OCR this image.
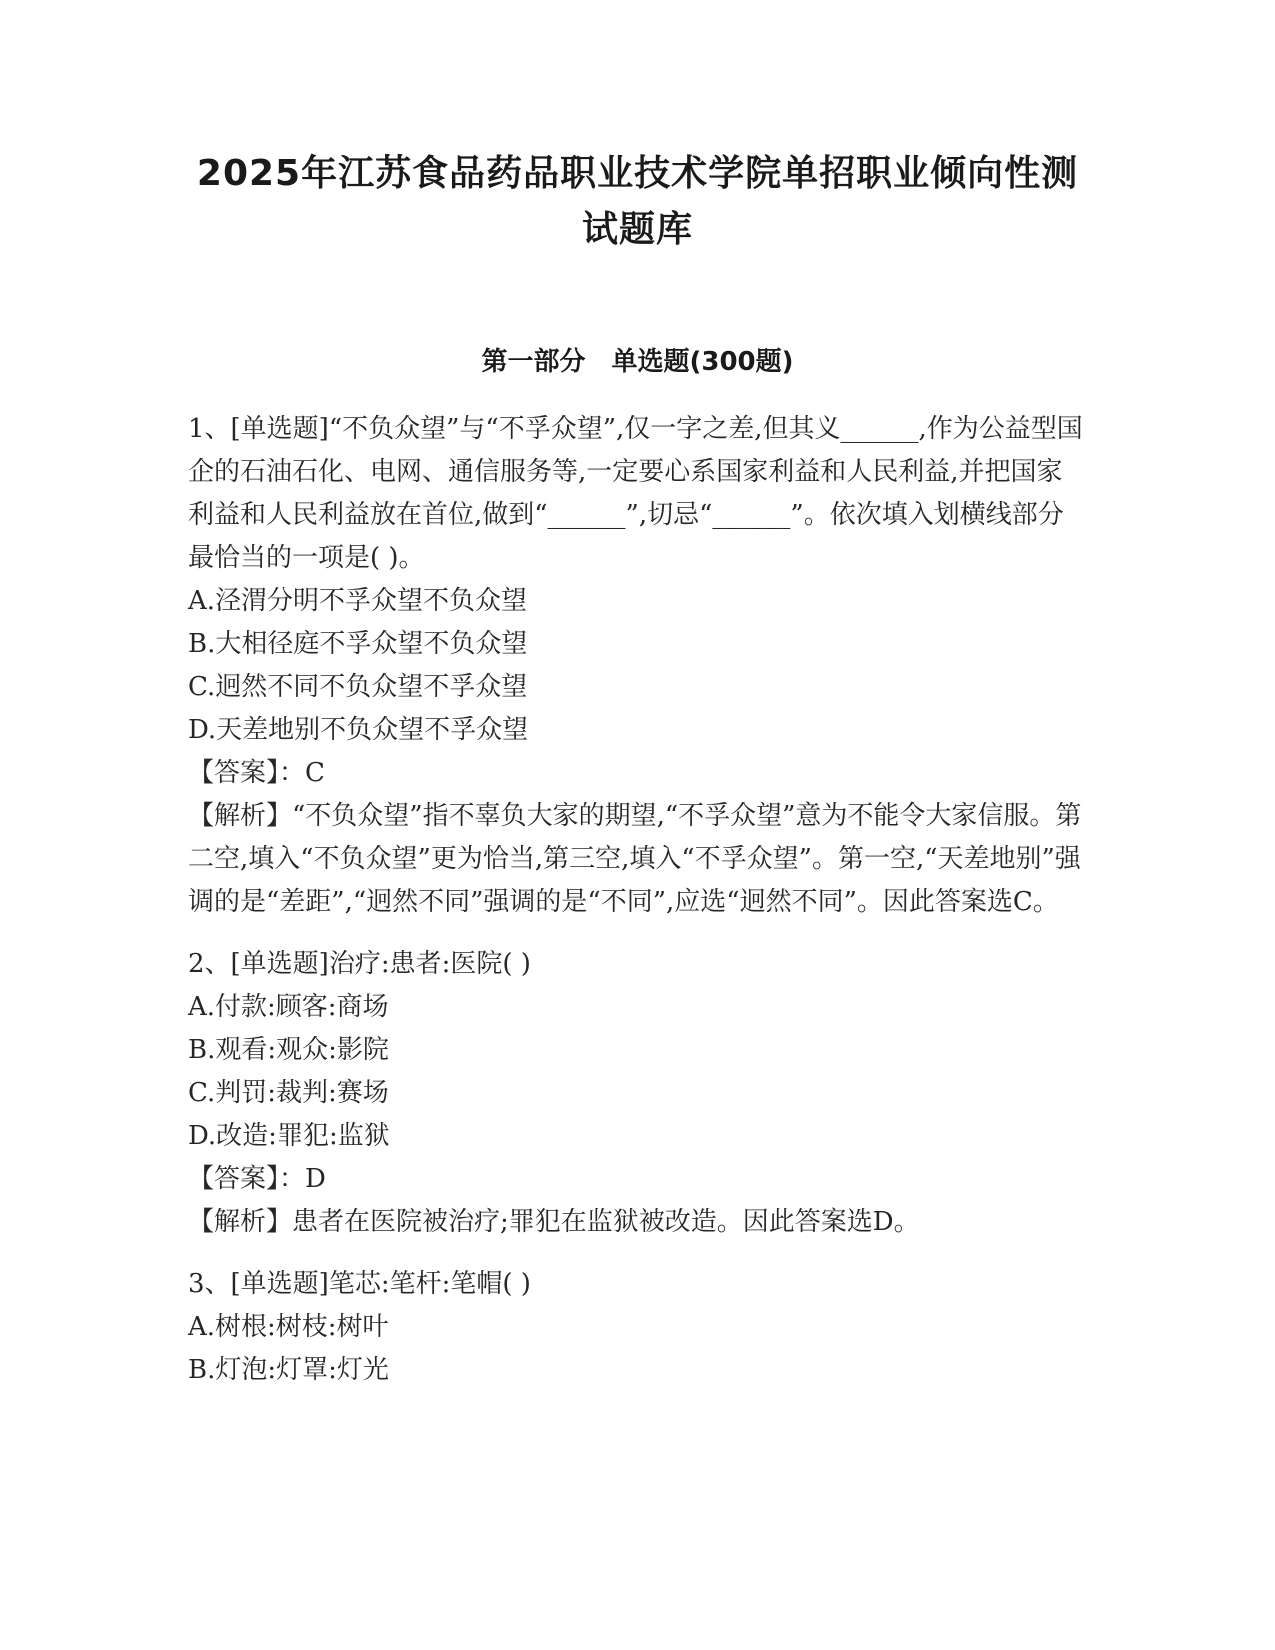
2025年江苏食品药品职业技术学院单招职业倾向性测
试题库
第一部分　单选题(300题)

1、[单选题]“不负众望”与“不孚众望”,仅一字之差,但其义______,作为公益型国企的石油石化、电网、通信服务等,一定要心系国家利益和人民利益,并把国家利益和人民利益放在首位,做到“______”,切忌“______”。依次填入划横线部分最恰当的一项是( )。

A.泾渭分明不孚众望不负众望

B.大相径庭不孚众望不负众望

C.迥然不同不负众望不孚众望

D.天差地别不负众望不孚众望

【答案】：C

【解析】“不负众望”指不辜负大家的期望,“不孚众望”意为不能令大家信服。第二空,填入“不负众望”更为恰当,第三空,填入“不孚众望”。第一空,“天差地别”强调的是“差距”,“迥然不同”强调的是“不同”,应选“迥然不同”。因此答案选C。

2、[单选题]治疗:患者:医院( )

A.付款:顾客:商场

B.观看:观众:影院

C.判罚:裁判:赛场

D.改造:罪犯:监狱

【答案】：D

【解析】患者在医院被治疗;罪犯在监狱被改造。因此答案选D。

3、[单选题]笔芯:笔杆:笔帽( )

A.树根:树枝:树叶

B.灯泡:灯罩:灯光
